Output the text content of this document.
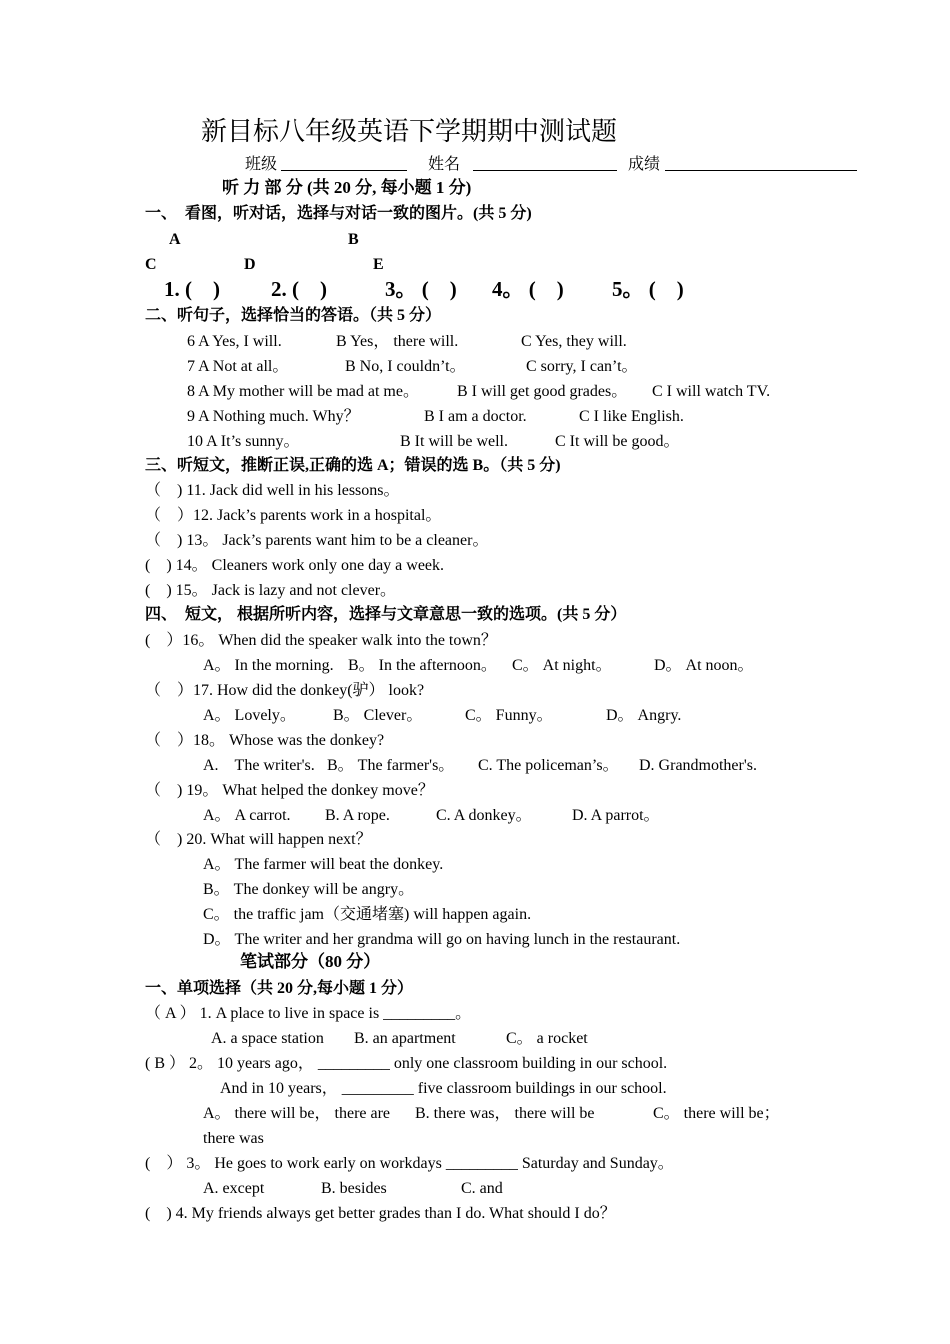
新目标八年级英语下学期期中测试题
班级	姓名	成绩
听 力 部 分 (共 20 分, 每小题 1 分)
一、　看图，听对话，选择与对话一致的图片。(共 5 分)
A	B
C	D	E
1. (　) 2. (　)	3。 (　) 4。 (　) 5。 (　)
二、听句子，选择恰当的答语。（共 5 分）
6 A Yes, I will.	B Yes， there will.	C Yes, they will.
7 A Not at all。	B No, I couldn’t。	C sorry, I can’t。
8 A My mother will be mad at me。 B I will get good grades。 C I will watch TV.
9 A Nothing much. Why？	B I am a doctor.	C I like English.
10 A It’s sunny。	B It will be well.	C It will be good。
三、听短文，推断正误,正确的选 A；错误的选 B。（共 5 分)
（　) 11. Jack did well in his lessons。
（　）12. Jack’s parents work in a hospital。
（　) 13。 Jack’s parents want him to be a cleaner。
(　) 14。 Cleaners work only one day a week.
(　) 15。 Jack is lazy and not clever。
四、　短文， 根据所听内容，选择与文章意思一致的选项。(共 5 分）
(　）16。 When did the speaker walk into the town？
A。 In the morning. B。 In the afternoon。 C。 At night。	D。 At noon。
（　）17. How did the donkey(驴） look?
A。 Lovely。 B。 Clever。	C。 Funny。	D。 Angry.
（　）18。 Whose was the donkey?
A.　The writer's. B。 The farmer's。 C. The policeman’s。 D. Grandmother's.
（　) 19。 What helped the donkey move？
A。 A carrot. B. A rope.	C. A donkey。	D. A parrot。
（　) 20. What will happen next？
A。 The farmer will beat the donkey.
B。 The donkey will be angry。
C。 the traffic jam（交通堵塞) will happen again.
D。 The writer and her grandma will go on having lunch in the restaurant.
笔试部分（80 分）
一、单项选择（共 20 分,每小题 1 分）
（ A ） 1. A place to live in space is _________。
A. a space station B. an apartment	C。 a rocket
( B ） 2。 10 years ago， _________ only one classroom building in our school.
And in 10 years， _________ five classroom buildings in our school.
A。 there will be， there are B. there was， there will be	C。 there will be；
there was
(　） 3。 He goes to work early on workdays _________ Saturday and Sunday。
A. except	B. besides	C. and
(　) 4. My friends always get better grades than I do. What should I do？
